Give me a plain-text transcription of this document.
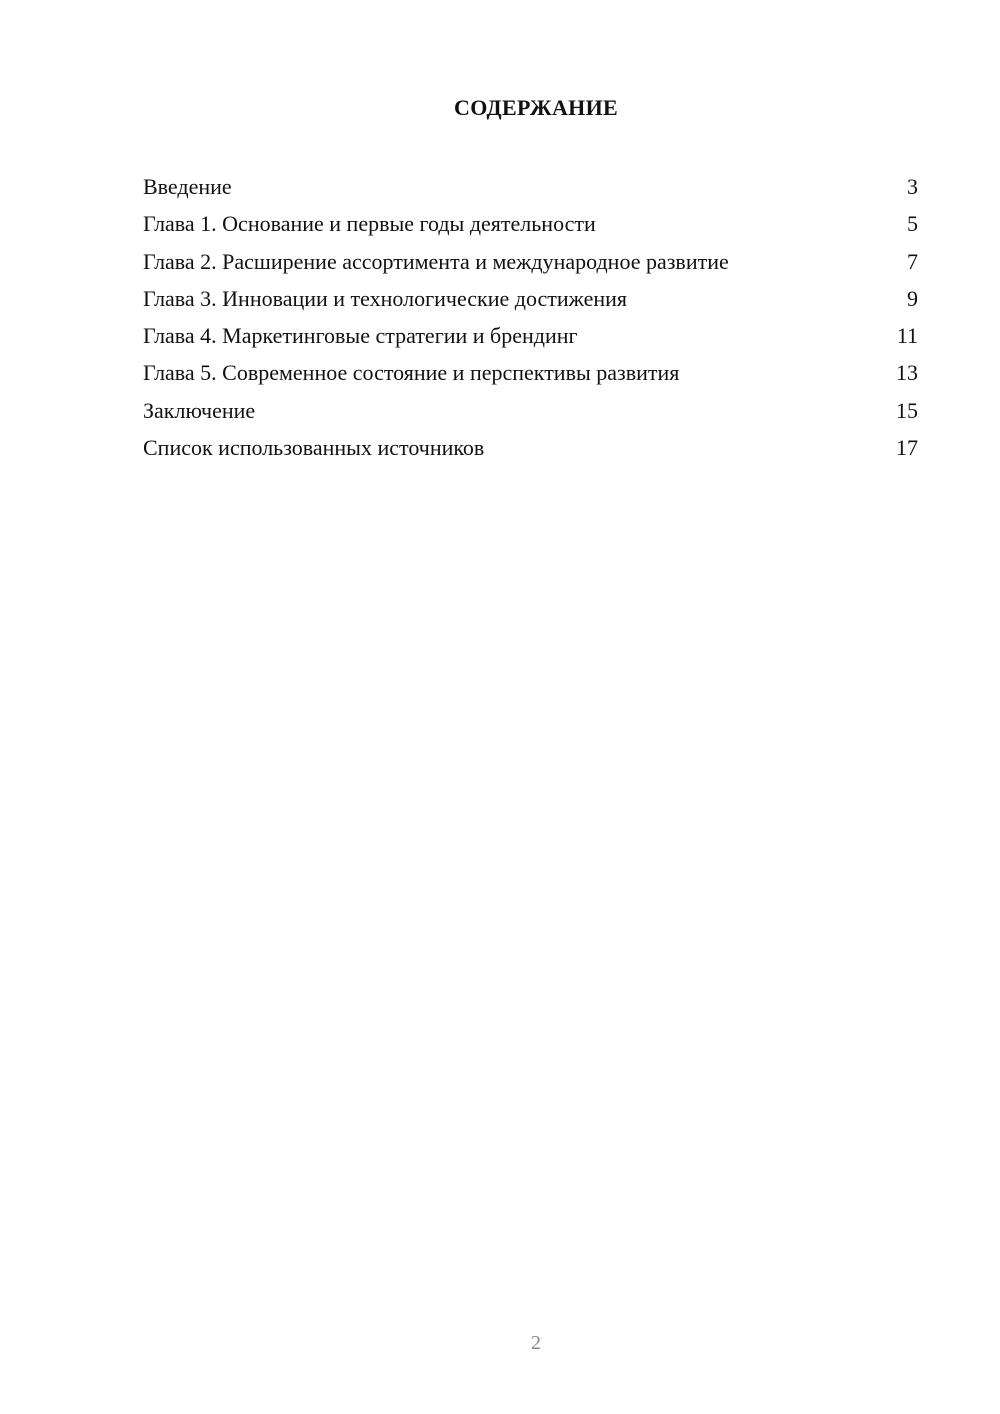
СОДЕРЖАНИЕ
Введение	3
Глава 1. Основание и первые годы деятельности	5
Глава 2. Расширение ассортимента и международное развитие	7
Глава 3. Инновации и технологические достижения	9
Глава 4. Маркетинговые стратегии и брендинг	11
Глава 5. Современное состояние и перспективы развития	13
Заключение	15
Список использованных источников	17
2
